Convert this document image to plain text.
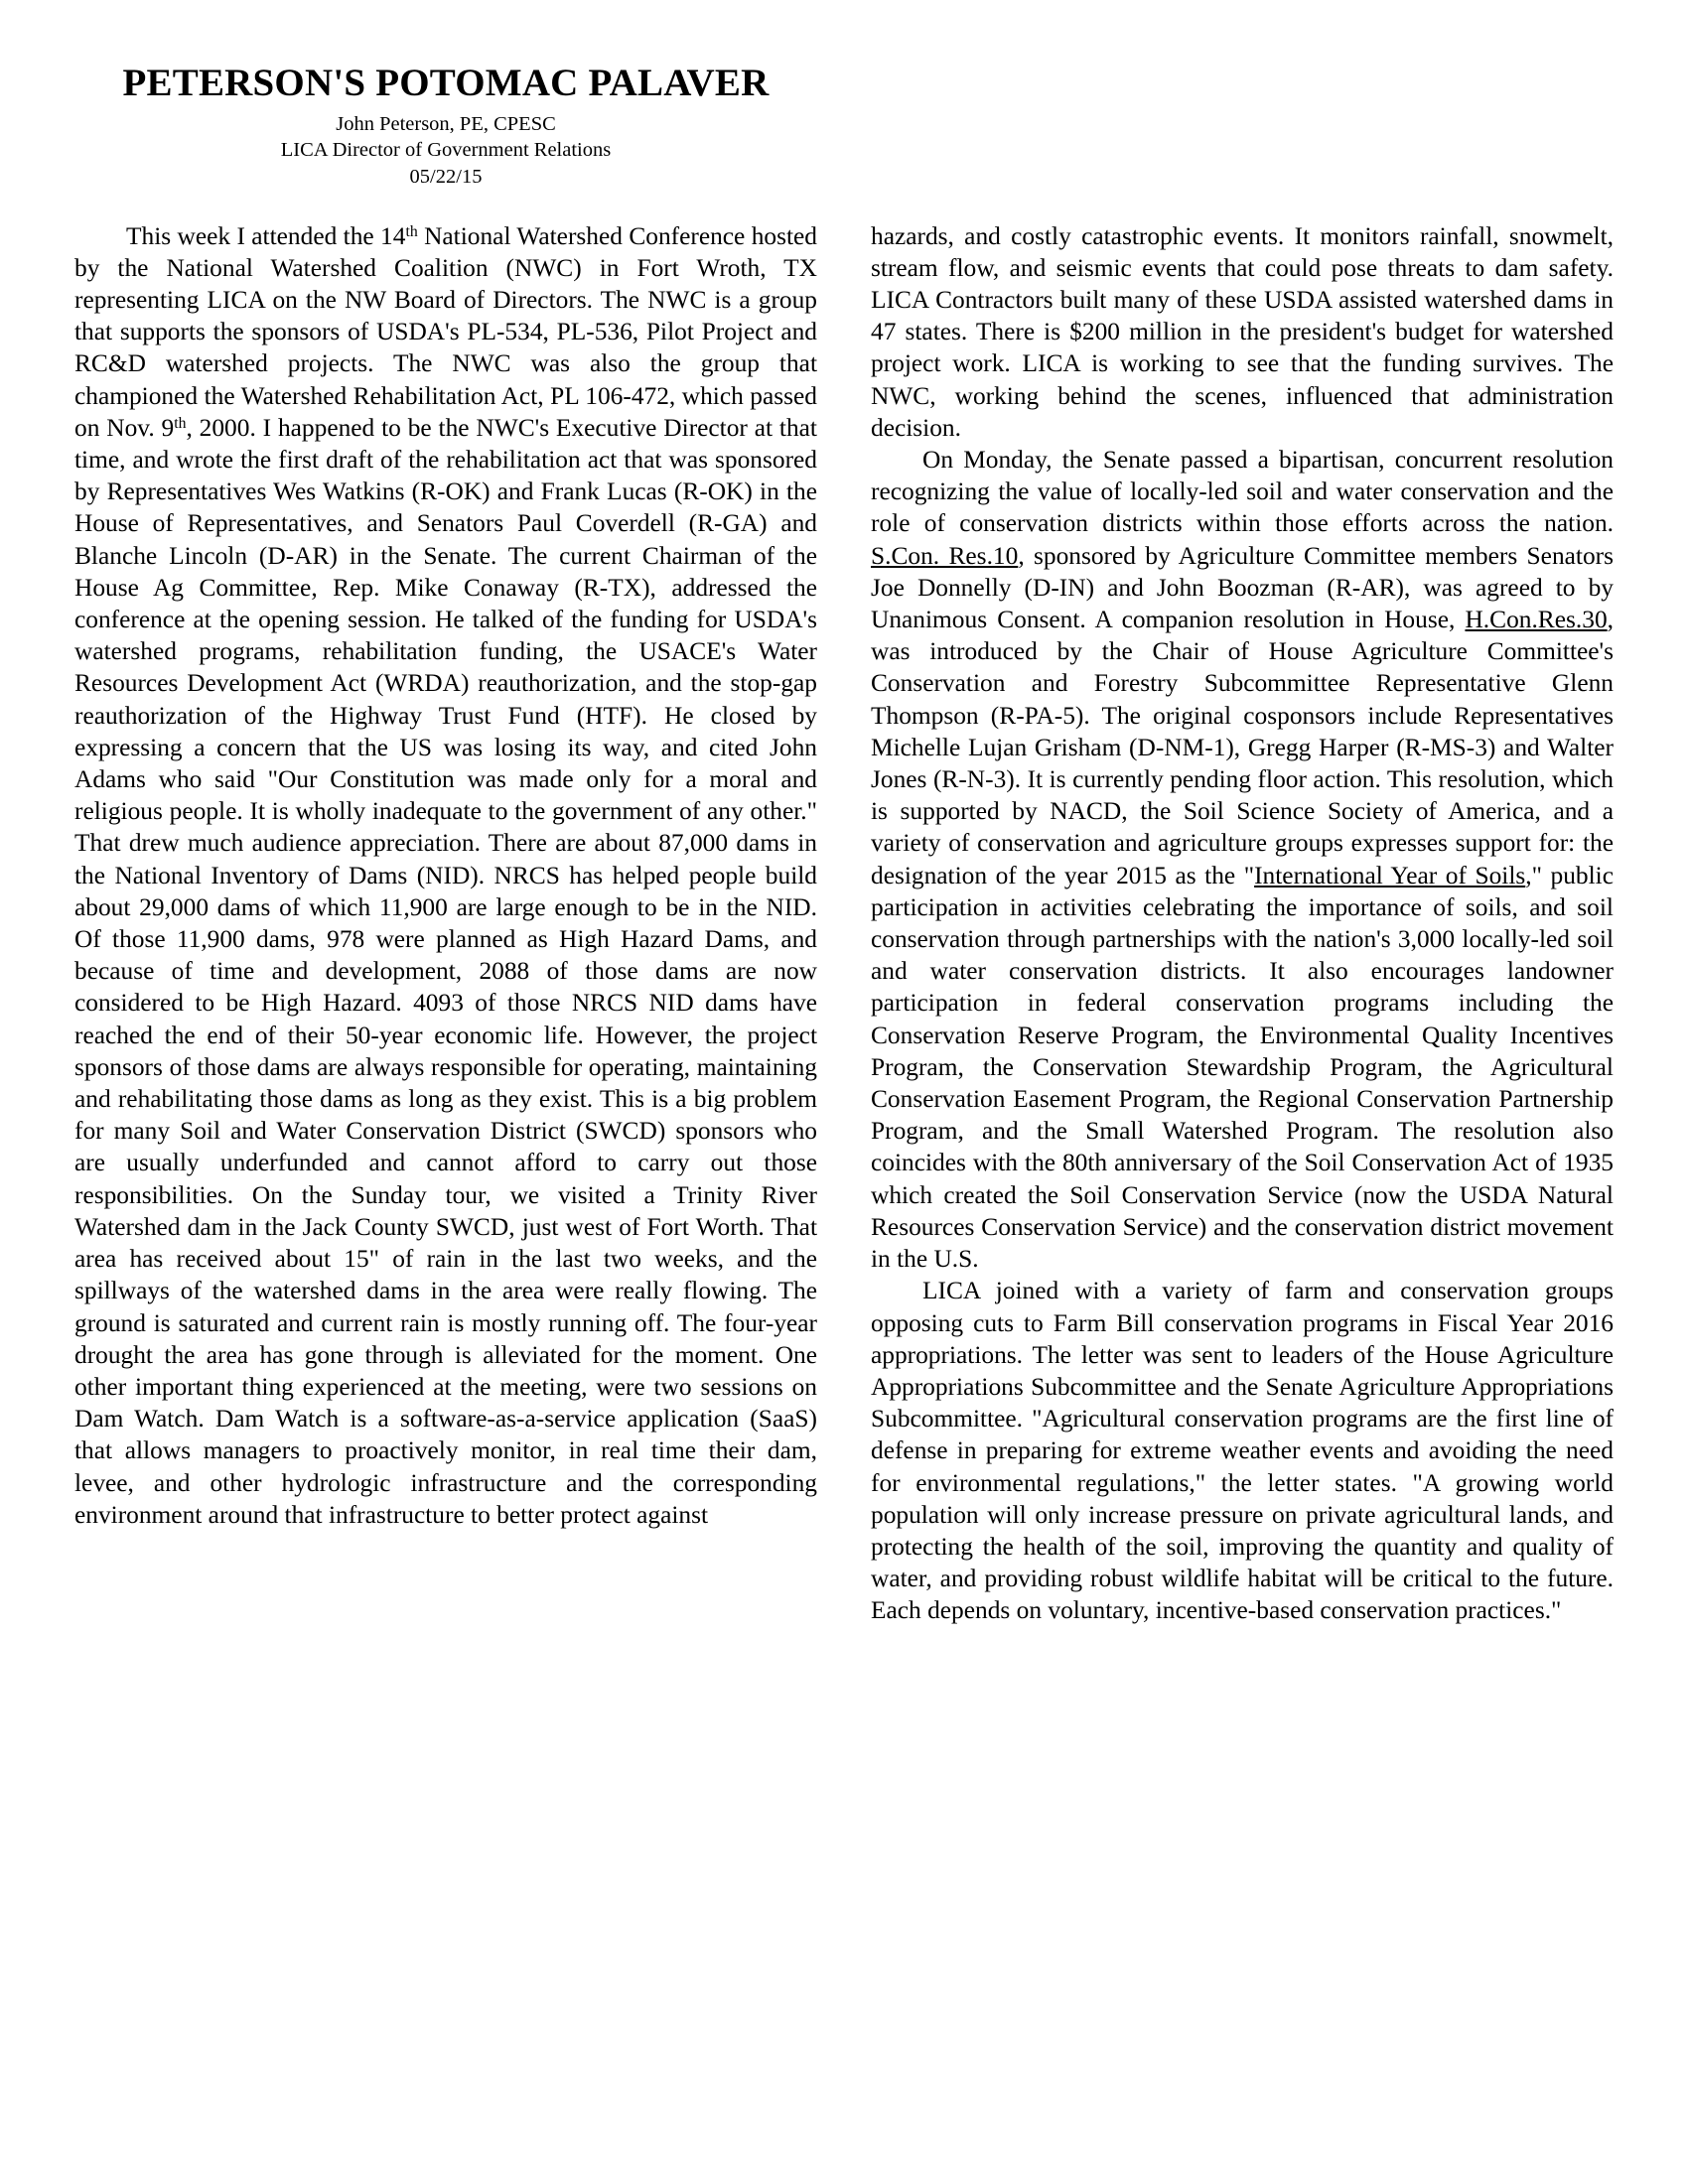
PETERSON'S POTOMAC PALAVER
John Peterson, PE, CPESC
LICA Director of Government Relations
05/22/15

This week I attended the 14th National Watershed Conference hosted by the National Watershed Coalition (NWC) in Fort Wroth, TX representing LICA on the NW Board of Directors. The NWC is a group that supports the sponsors of USDA's PL-534, PL-536, Pilot Project and RC&D watershed projects. The NWC was also the group that championed the Watershed Rehabilitation Act, PL 106-472, which passed on Nov. 9th, 2000. I happened to be the NWC's Executive Director at that time, and wrote the first draft of the rehabilitation act that was sponsored by Representatives Wes Watkins (R-OK) and Frank Lucas (R-OK) in the House of Representatives, and Senators Paul Coverdell (R-GA) and Blanche Lincoln (D-AR) in the Senate. The current Chairman of the House Ag Committee, Rep. Mike Conaway (R-TX), addressed the conference at the opening session. He talked of the funding for USDA's watershed programs, rehabilitation funding, the USACE's Water Resources Development Act (WRDA) reauthorization, and the stop-gap reauthorization of the Highway Trust Fund (HTF). He closed by expressing a concern that the US was losing its way, and cited John Adams who said "Our Constitution was made only for a moral and religious people. It is wholly inadequate to the government of any other." That drew much audience appreciation. There are about 87,000 dams in the National Inventory of Dams (NID). NRCS has helped people build about 29,000 dams of which 11,900 are large enough to be in the NID. Of those 11,900 dams, 978 were planned as High Hazard Dams, and because of time and development, 2088 of those dams are now considered to be High Hazard. 4093 of those NRCS NID dams have reached the end of their 50-year economic life. However, the project sponsors of those dams are always responsible for operating, maintaining and rehabilitating those dams as long as they exist. This is a big problem for many Soil and Water Conservation District (SWCD) sponsors who are usually underfunded and cannot afford to carry out those responsibilities. On the Sunday tour, we visited a Trinity River Watershed dam in the Jack County SWCD, just west of Fort Worth. That area has received about 15" of rain in the last two weeks, and the spillways of the watershed dams in the area were really flowing. The ground is saturated and current rain is mostly running off. The four-year drought the area has gone through is alleviated for the moment. One other important thing experienced at the meeting, were two sessions on Dam Watch. Dam Watch is a software-as-a-service application (SaaS) that allows managers to proactively monitor, in real time their dam, levee, and other hydrologic infrastructure and the corresponding environment around that infrastructure to better protect against

hazards, and costly catastrophic events. It monitors rainfall, snowmelt, stream flow, and seismic events that could pose threats to dam safety. LICA Contractors built many of these USDA assisted watershed dams in 47 states. There is $200 million in the president's budget for watershed project work. LICA is working to see that the funding survives. The NWC, working behind the scenes, influenced that administration decision.

On Monday, the Senate passed a bipartisan, concurrent resolution recognizing the value of locally-led soil and water conservation and the role of conservation districts within those efforts across the nation. S.Con. Res.10, sponsored by Agriculture Committee members Senators Joe Donnelly (D-IN) and John Boozman (R-AR), was agreed to by Unanimous Consent. A companion resolution in House, H.Con.Res.30, was introduced by the Chair of House Agriculture Committee's Conservation and Forestry Subcommittee Representative Glenn Thompson (R-PA-5). The original cosponsors include Representatives Michelle Lujan Grisham (D-NM-1), Gregg Harper (R-MS-3) and Walter Jones (R-N-3). It is currently pending floor action. This resolution, which is supported by NACD, the Soil Science Society of America, and a variety of conservation and agriculture groups expresses support for: the designation of the year 2015 as the "International Year of Soils," public participation in activities celebrating the importance of soils, and soil conservation through partnerships with the nation's 3,000 locally-led soil and water conservation districts. It also encourages landowner participation in federal conservation programs including the Conservation Reserve Program, the Environmental Quality Incentives Program, the Conservation Stewardship Program, the Agricultural Conservation Easement Program, the Regional Conservation Partnership Program, and the Small Watershed Program. The resolution also coincides with the 80th anniversary of the Soil Conservation Act of 1935 which created the Soil Conservation Service (now the USDA Natural Resources Conservation Service) and the conservation district movement in the U.S.

LICA joined with a variety of farm and conservation groups opposing cuts to Farm Bill conservation programs in Fiscal Year 2016 appropriations. The letter was sent to leaders of the House Agriculture Appropriations Subcommittee and the Senate Agriculture Appropriations Subcommittee. "Agricultural conservation programs are the first line of defense in preparing for extreme weather events and avoiding the need for environmental regulations," the letter states. "A growing world population will only increase pressure on private agricultural lands, and protecting the health of the soil, improving the quantity and quality of water, and providing robust wildlife habitat will be critical to the future. Each depends on voluntary, incentive-based conservation practices."
